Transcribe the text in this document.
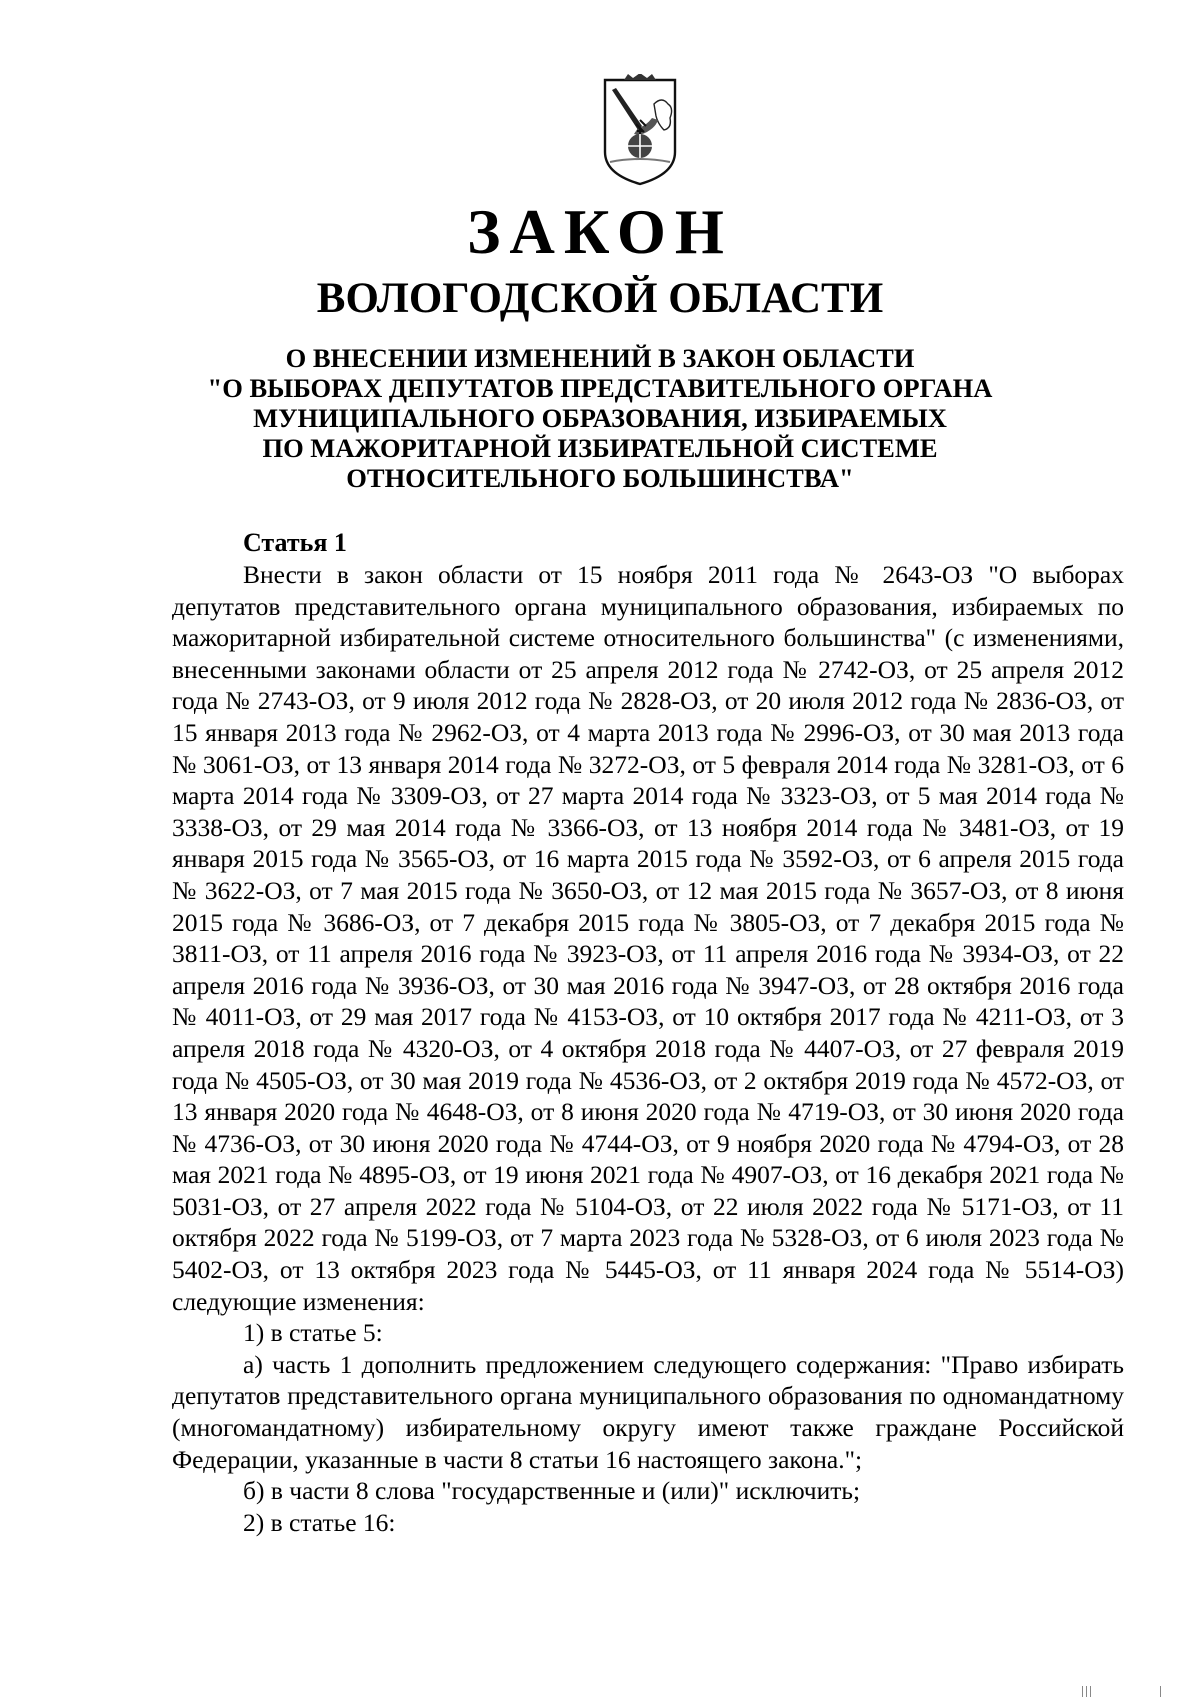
ЗАКОН
ВОЛОГОДСКОЙ ОБЛАСТИ
О ВНЕСЕНИИ ИЗМЕНЕНИЙ В ЗАКОН ОБЛАСТИ
"О ВЫБОРАХ ДЕПУТАТОВ ПРЕДСТАВИТЕЛЬНОГО ОРГАНА
МУНИЦИПАЛЬНОГО ОБРАЗОВАНИЯ, ИЗБИРАЕМЫХ
ПО МАЖОРИТАРНОЙ ИЗБИРАТЕЛЬНОЙ СИСТЕМЕ
ОТНОСИТЕЛЬНОГО БОЛЬШИНСТВА"
Статья 1

Внести в закон области от 15 ноября 2011 года № 2643-ОЗ "О выборах депутатов представительного органа муниципального образования, избираемых по мажоритарной избирательной системе относительного большинства" (с изменениями, внесенными законами области от 25 апреля 2012 года № 2742-ОЗ, от 25 апреля 2012 года № 2743-ОЗ, от 9 июля 2012 года № 2828-ОЗ, от 20 июля 2012 года № 2836-ОЗ, от 15 января 2013 года № 2962-ОЗ, от 4 марта 2013 года № 2996-ОЗ, от 30 мая 2013 года № 3061-ОЗ, от 13 января 2014 года № 3272-ОЗ, от 5 февраля 2014 года № 3281-ОЗ, от 6 марта 2014 года № 3309-ОЗ, от 27 марта 2014 года № 3323-ОЗ, от 5 мая 2014 года № 3338-ОЗ, от 29 мая 2014 года № 3366-ОЗ, от 13 ноября 2014 года № 3481-ОЗ, от 19 января 2015 года № 3565-ОЗ, от 16 марта 2015 года № 3592-ОЗ, от 6 апреля 2015 года № 3622-ОЗ, от 7 мая 2015 года № 3650-ОЗ, от 12 мая 2015 года № 3657-ОЗ, от 8 июня 2015 года № 3686-ОЗ, от 7 декабря 2015 года № 3805-ОЗ, от 7 декабря 2015 года № 3811-ОЗ, от 11 апреля 2016 года № 3923-ОЗ, от 11 апреля 2016 года № 3934-ОЗ, от 22 апреля 2016 года № 3936-ОЗ, от 30 мая 2016 года № 3947-ОЗ, от 28 октября 2016 года № 4011-ОЗ, от 29 мая 2017 года № 4153-ОЗ, от 10 октября 2017 года № 4211-ОЗ, от 3 апреля 2018 года № 4320-ОЗ, от 4 октября 2018 года № 4407-ОЗ, от 27 февраля 2019 года № 4505-ОЗ, от 30 мая 2019 года № 4536-ОЗ, от 2 октября 2019 года № 4572-ОЗ, от 13 января 2020 года № 4648-ОЗ, от 8 июня 2020 года № 4719-ОЗ, от 30 июня 2020 года № 4736-ОЗ, от 30 июня 2020 года № 4744-ОЗ, от 9 ноября 2020 года № 4794-ОЗ, от 28 мая 2021 года № 4895-ОЗ, от 19 июня 2021 года № 4907-ОЗ, от 16 декабря 2021 года № 5031-ОЗ, от 27 апреля 2022 года № 5104-ОЗ, от 22 июля 2022 года № 5171-ОЗ, от 11 октября 2022 года № 5199-ОЗ, от 7 марта 2023 года № 5328-ОЗ, от 6 июля 2023 года № 5402-ОЗ, от 13 октября 2023 года № 5445-ОЗ, от 11 января 2024 года № 5514-ОЗ) следующие изменения:

1) в статье 5:

а) часть 1 дополнить предложением следующего содержания: "Право избирать депутатов представительного органа муниципального образования по одномандатному (многомандатному) избирательному округу имеют также граждане Российской Федерации, указанные в части 8 статьи 16 настоящего закона.";

б) в части 8 слова "государственные и (или)" исключить;

2) в статье 16:
